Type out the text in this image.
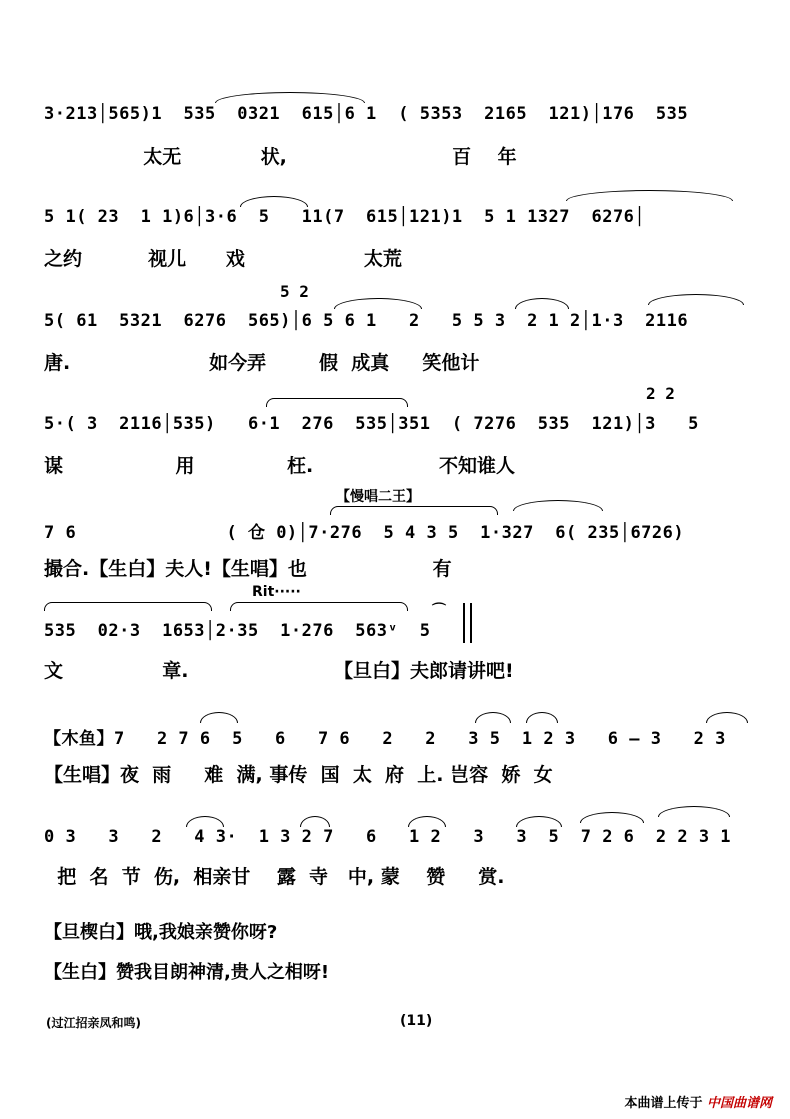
3·213│565)1  535  0321  615│6 1  ( 5353  2165  121)│176  535
太无            状,                         百    年
5 1( 23  1 1)6│3·6  5   11(7  615│121)1  5 1 1327  6276│
之约          视儿      戏                  太荒
5 2
5( 61  5321  6276  565)│6 5 6 1   2   5 5 3  2 1 2│1·3  2116
唐.                     如今弄        假  成真     笑他计
2 2
5·( 3  2116│535)   6·1  276  535│351  ( 7276  535  121)│3   5
谋                 用              枉.                   不知谁人
【慢唱二王】
7 6              ( 仓 0)│7·276  5 4 3 5  1·327  6( 235│6726)
撮合.【生白】夫人!【生唱】也                   有
Rit·····
⌒
535  02·3  1653│2·35  1·276  563ᵛ  5
文               章.                      【旦白】夫郎请讲吧!
【木鱼】7   2 7 6  5   6   7 6   2   2   3 5  1 2 3   6 – 3   2 3
【生唱】夜  雨     难  满, 事传  国  太  府  上. 岂容  娇  女
0 3   3   2   4 3·  1 3 2 7   6   1 2   3   3  5  7 2 6  2 2 3 1
把  名  节  伤,  相亲甘    露  寺   中, 蒙    赞     赏.
【旦楔白】哦,我娘亲赞你呀?
【生白】赞我目朗神清,贵人之相呀!
(过江招亲凤和鸣)	(11)
本曲谱上传于 中国曲谱网
